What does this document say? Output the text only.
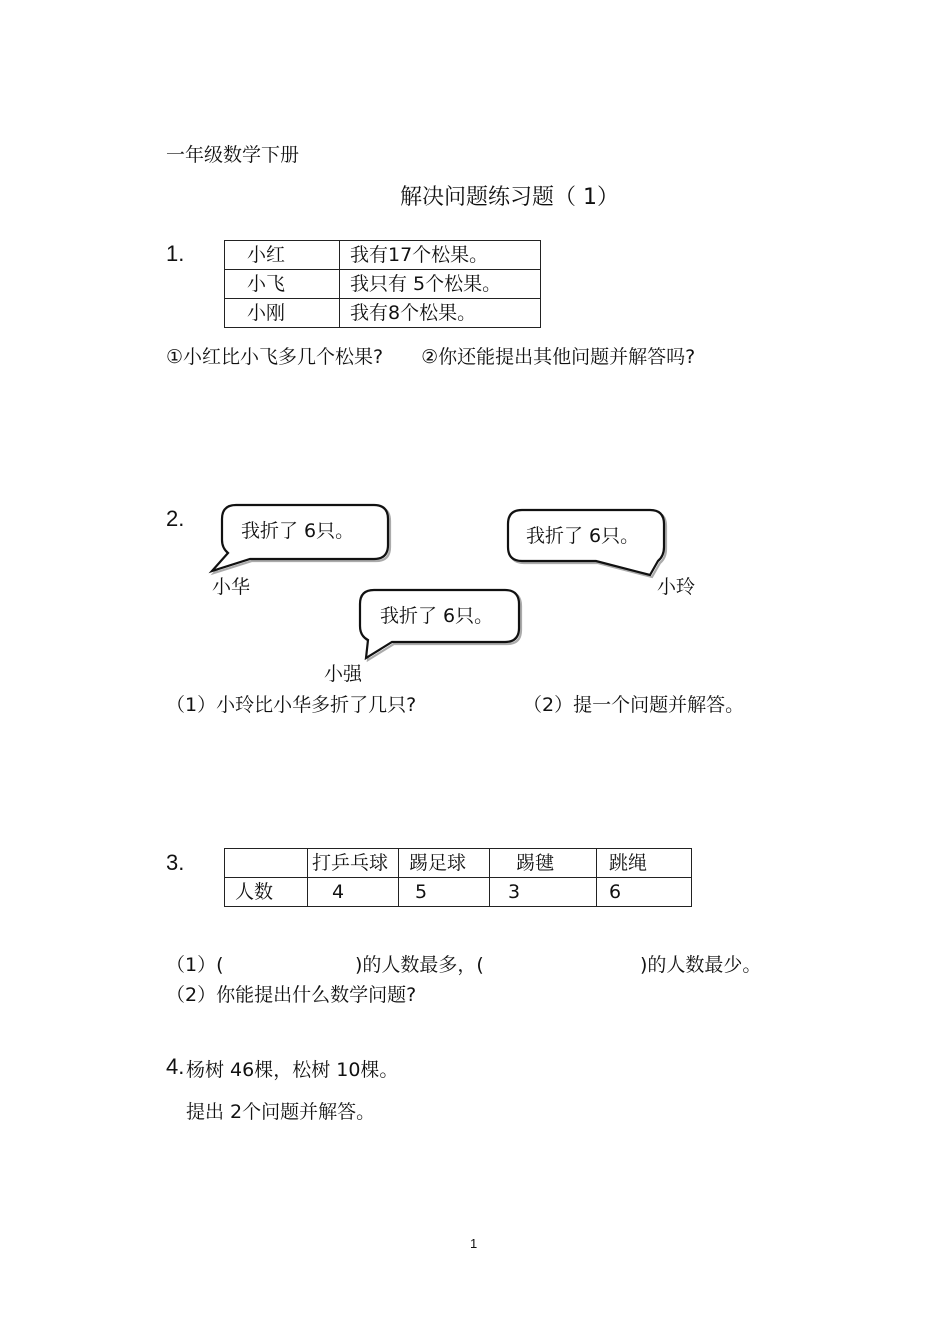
一年级数学下册
解决问题练习题（ 1）
1.	小红	我有17个松果。
小飞	我只有 5个松果。
小刚	我有8个松果。
①小红比小飞多几个松果?　　②你还能提出其他问题并解答吗?
2.	我折了 6只。
小华
我折了 6只。
小玲
我折了 6只。
小强
（1）小玲比小华多折了几只?	（2）提一个问题并解答。
3.
		打乒乓球	踢足球	踢毽	跳绳
人数	4	5	3	6
（1）(	)的人数最多，(	)的人数最少。
（2）你能提出什么数学问题?
4. 杨树 46棵，松树 10棵。
提出 2个问题并解答。
1
